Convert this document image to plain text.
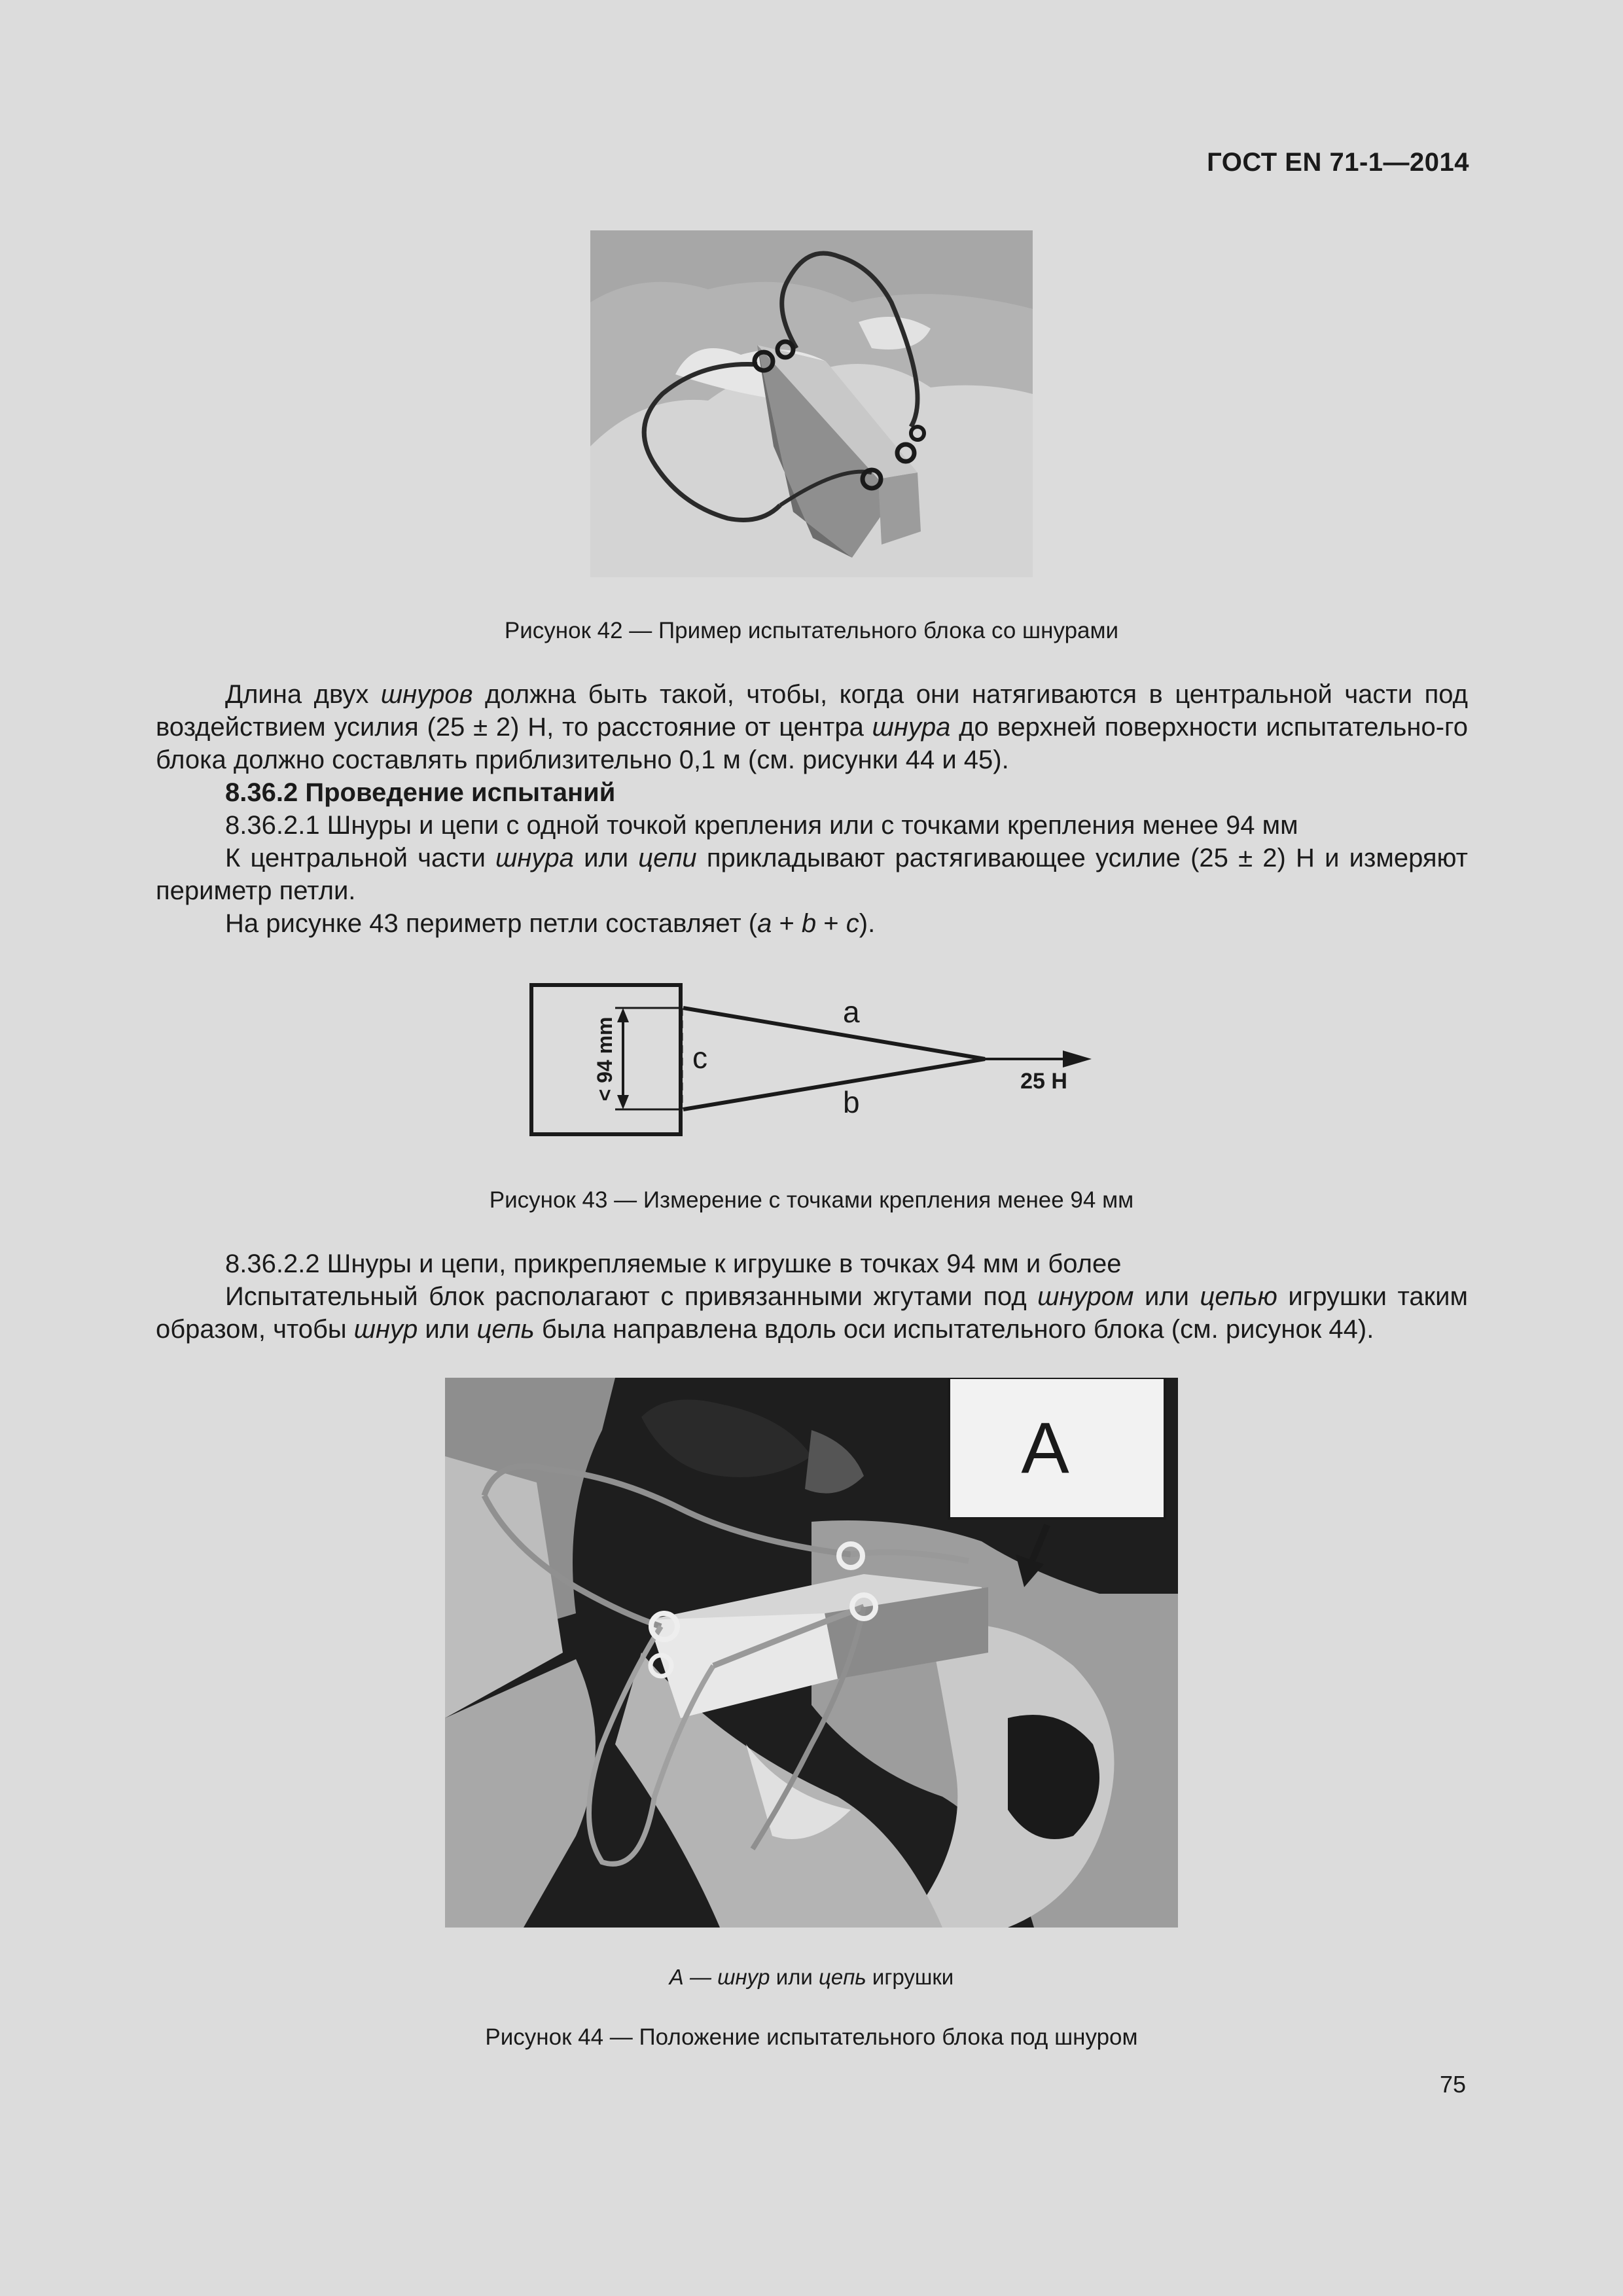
ГОСТ EN 71-1—2014
Рисунок 42 — Пример испытательного блока со шнурами

Длина двух шнуров должна быть такой, чтобы, когда они натягиваются в центральной части под воздействием усилия (25 ± 2) Н, то расстояние от центра шнура до верхней поверхности испытательно-го блока должно составлять приблизительно 0,1 м (см. рисунки 44 и 45).

8.36.2 Проведение испытаний

8.36.2.1 Шнуры и цепи с одной точкой крепления или с точками крепления менее 94 мм

К центральной части шнура или цепи прикладывают растягивающее усилие (25 ± 2) Н и измеряют периметр петли.

На рисунке 43 периметр петли составляет (a + b + c).

< 94 mm	c
a
b
25 H
Рисунок 43 — Измерение с точками крепления менее 94 мм

8.36.2.2 Шнуры и цепи, прикрепляемые к игрушке в точках 94 мм и более

Испытательный блок располагают с привязанными жгутами под шнуром или цепью игрушки таким образом, чтобы шнур или цепь была направлена вдоль оси испытательного блока (см. рисунок 44).

A
А — шнур или цепь игрушки
Рисунок 44 — Положение испытательного блока под шнуром
75
